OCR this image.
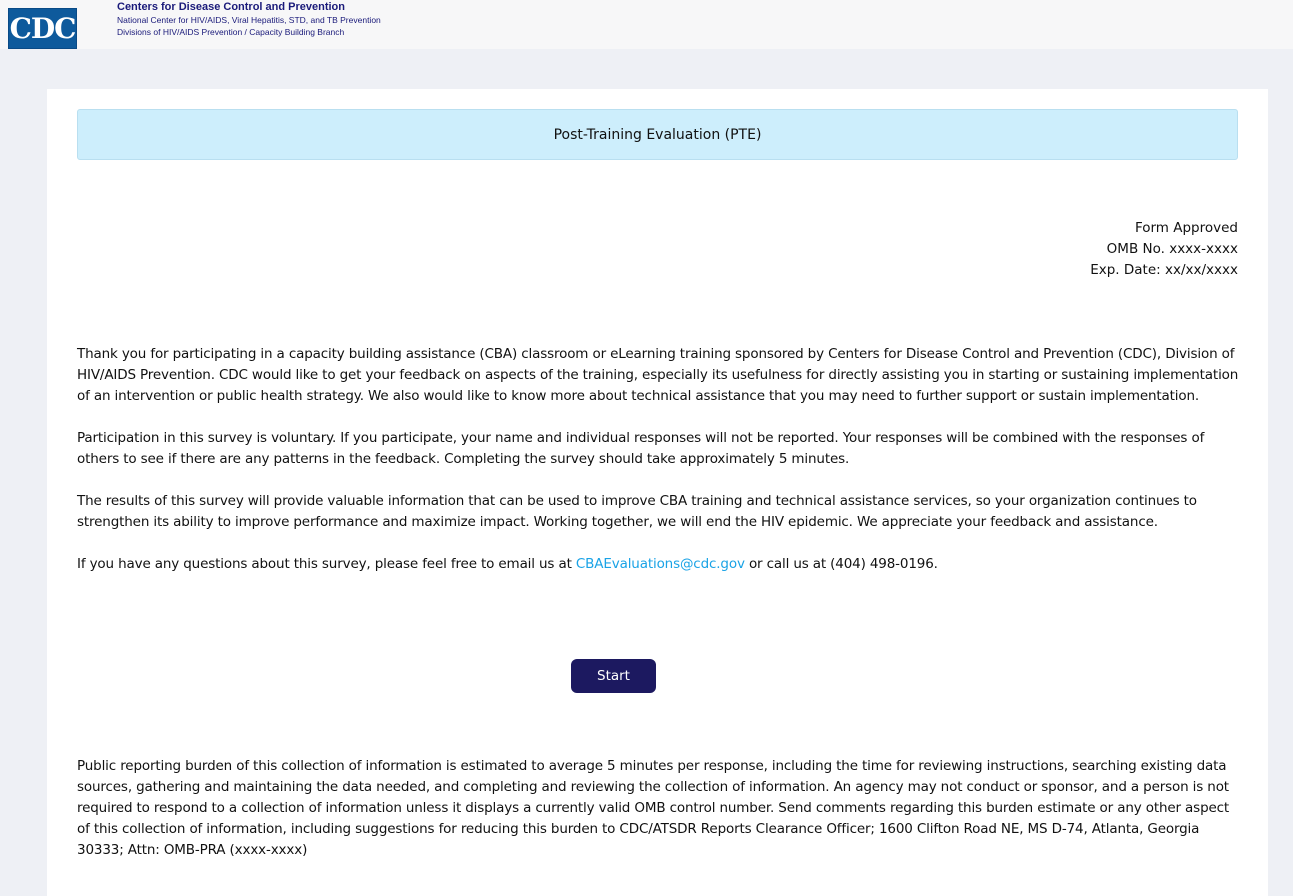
CDC
Centers for Disease Control and Prevention
National Center for HIV/AIDS, Viral Hepatitis, STD, and TB Prevention
Divisions of HIV/AIDS Prevention / Capacity Building Branch
Post-Training Evaluation (PTE)
Form Approved
OMB No. xxxx-xxxx
Exp. Date: xx/xx/xxxx

Thank you for participating in a capacity building assistance (CBA) classroom or eLearning training sponsored by Centers for Disease Control and Prevention (CDC), Division of HIV/AIDS Prevention. CDC would like to get your feedback on aspects of the training, especially its usefulness for directly assisting you in starting or sustaining implementation of an intervention or public health strategy. We also would like to know more about technical assistance that you may need to further support or sustain implementation.

Participation in this survey is voluntary. If you participate, your name and individual responses will not be reported. Your responses will be combined with the responses of others to see if there are any patterns in the feedback. Completing the survey should take approximately 5 minutes.

The results of this survey will provide valuable information that can be used to improve CBA training and technical assistance services, so your organization continues to strengthen its ability to improve performance and maximize impact. Working together, we will end the HIV epidemic. We appreciate your feedback and assistance.

If you have any questions about this survey, please feel free to email us at CBAEvaluations@cdc.gov or call us at (404) 498-0196.

Start
Public reporting burden of this collection of information is estimated to average 5 minutes per response, including the time for reviewing instructions, searching existing data sources, gathering and maintaining the data needed, and completing and reviewing the collection of information. An agency may not conduct or sponsor, and a person is not required to respond to a collection of information unless it displays a currently valid OMB control number. Send comments regarding this burden estimate or any other aspect of this collection of information, including suggestions for reducing this burden to CDC/ATSDR Reports Clearance Officer; 1600 Clifton Road NE, MS D-74, Atlanta, Georgia 30333; Attn: OMB-PRA (xxxx-xxxx)
